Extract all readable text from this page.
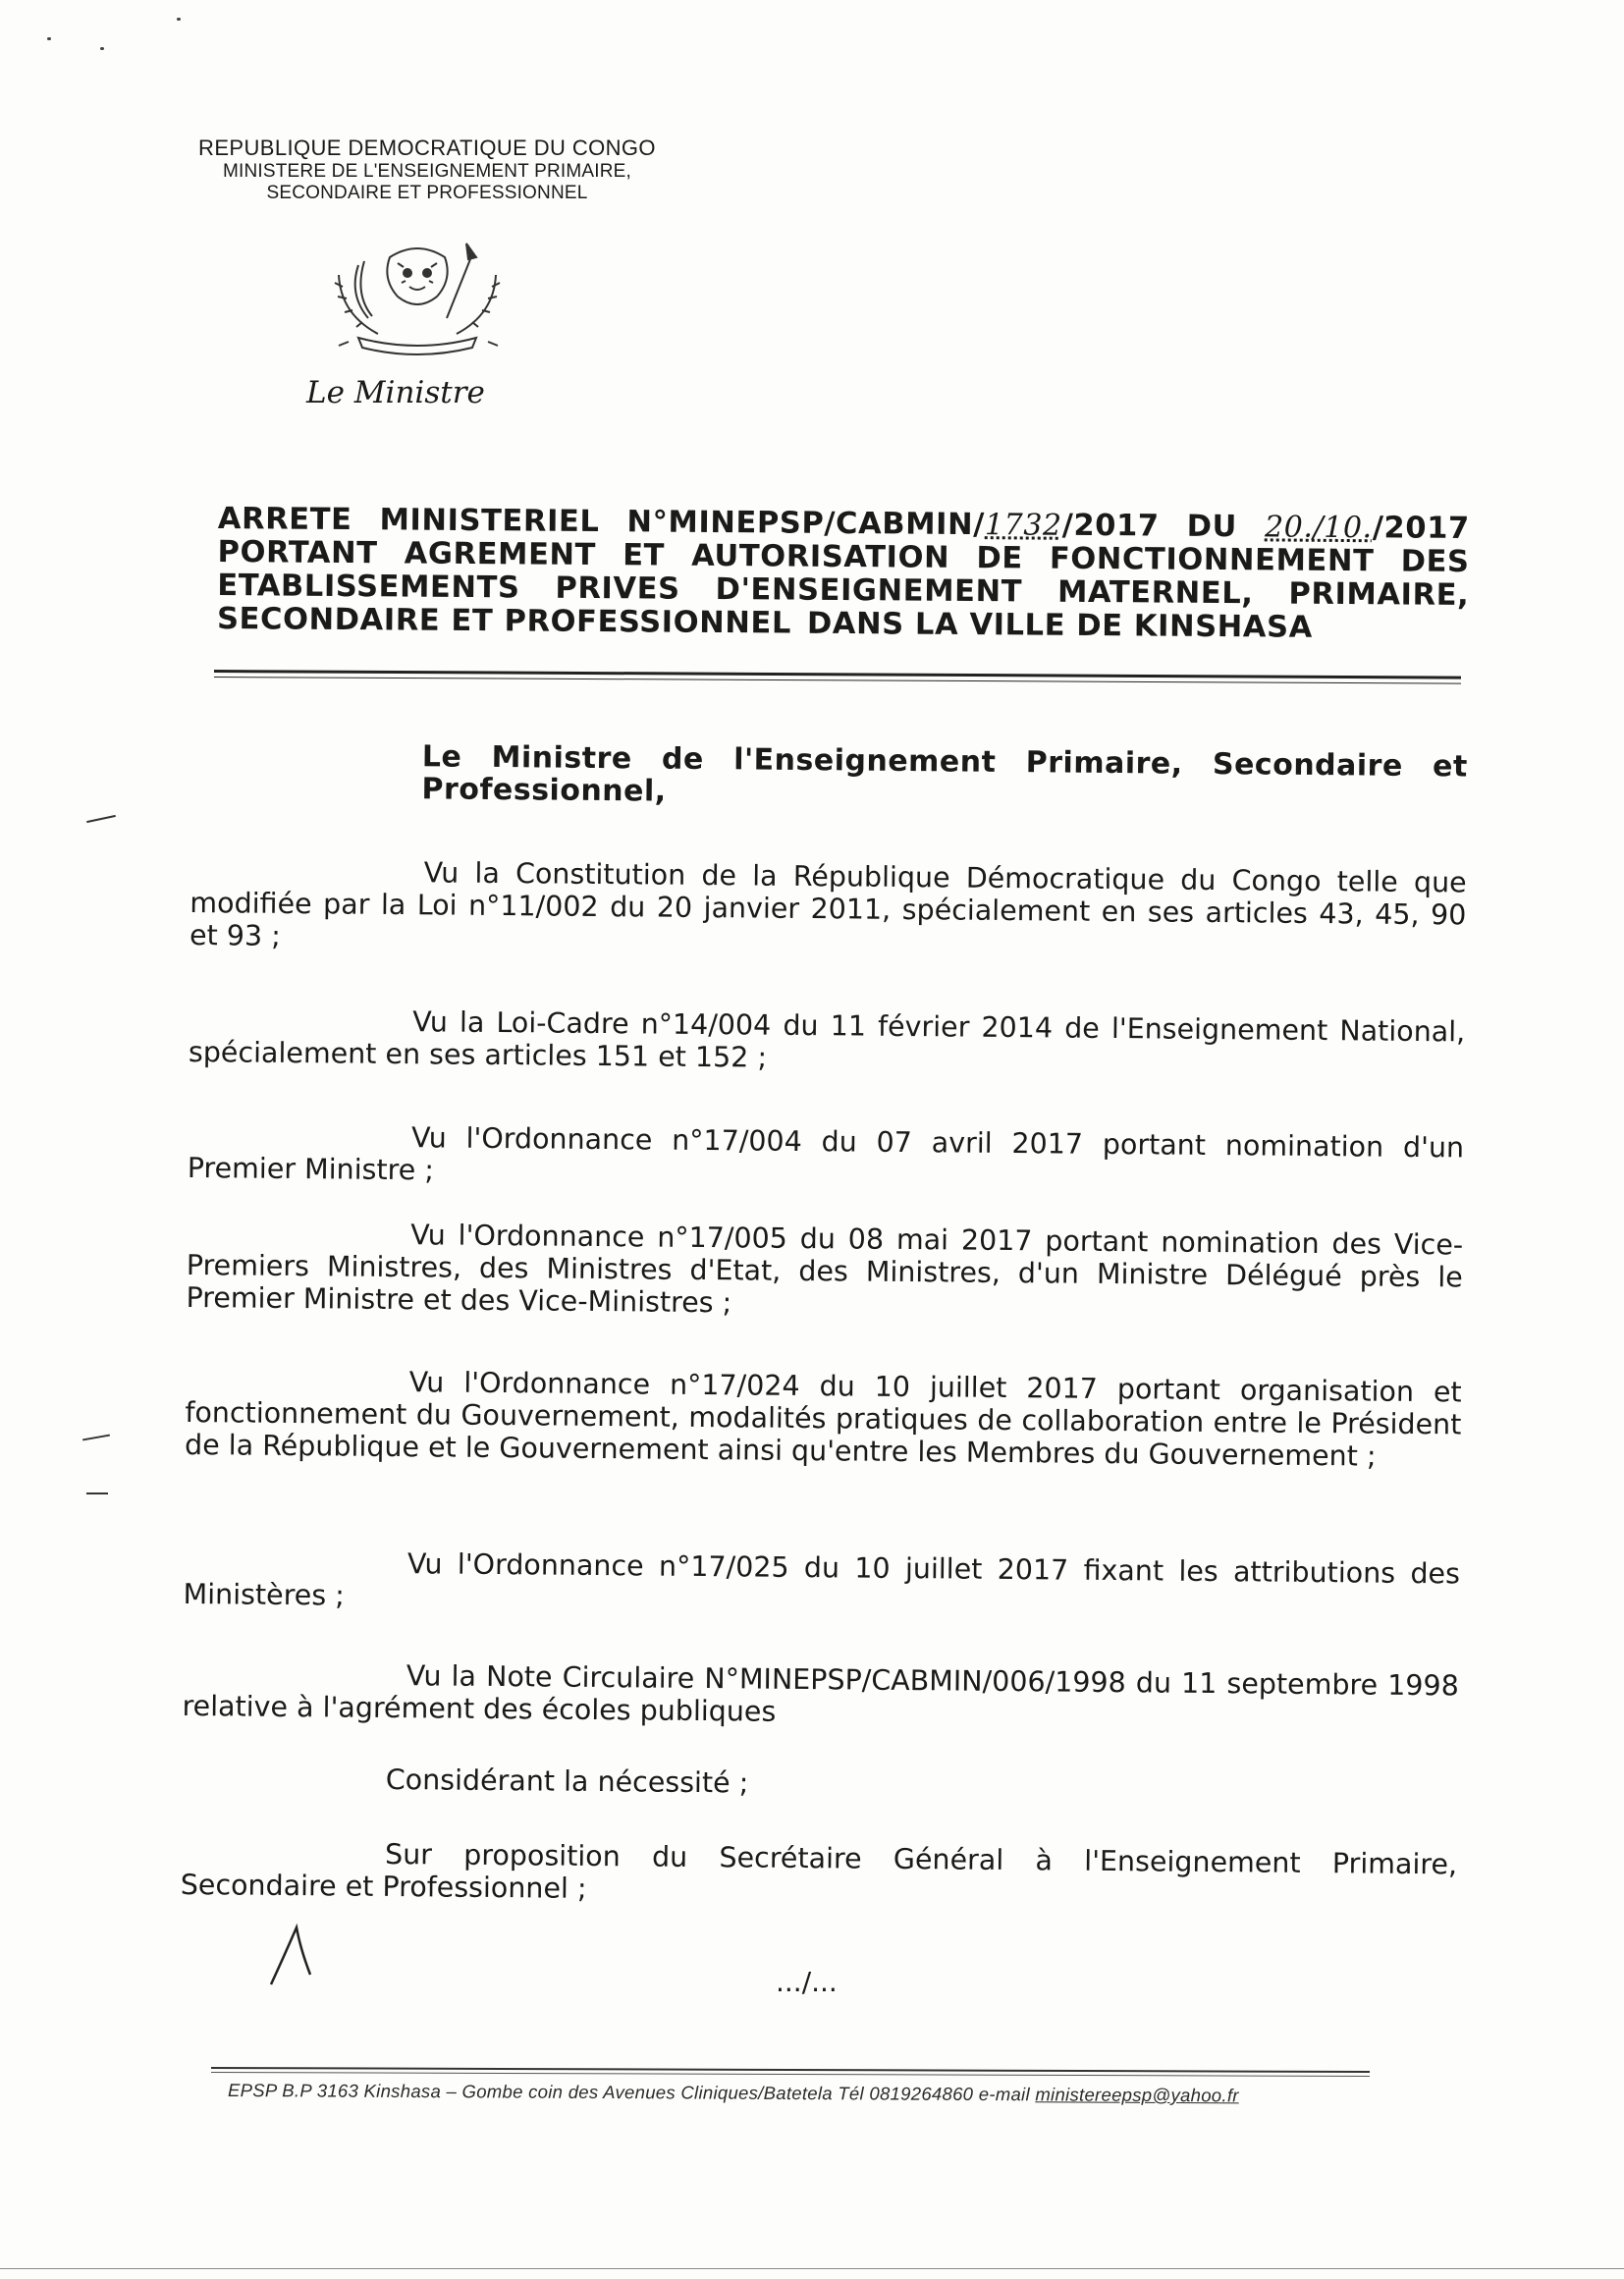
REPUBLIQUE DEMOCRATIQUE DU CONGO
MINISTERE DE L'ENSEIGNEMENT PRIMAIRE,
SECONDAIRE ET PROFESSIONNEL
Le Ministre
ARRETE MINISTERIEL N°MINEPSP/CABMIN/1732/2017 DU 20./10./2017
PORTANT AGREMENT ET AUTORISATION DE FONCTIONNEMENT DES
ETABLISSEMENTS PRIVES D'ENSEIGNEMENT MATERNEL, PRIMAIRE,
SECONDAIRE ET PROFESSIONNEL DANS LA VILLE DE KINSHASA
Le Ministre de l'Enseignement Primaire, Secondaire et Professionnel,
Vu la Constitution de la République Démocratique du Congo telle que modifiée par la Loi n°11/002 du 20 janvier 2011, spécialement en ses articles 43, 45, 90 et 93 ;
Vu la Loi-Cadre n°14/004 du 11 février 2014 de l'Enseignement National, spécialement en ses articles 151 et 152 ;
Vu l'Ordonnance n°17/004 du 07 avril 2017 portant nomination d'un Premier Ministre ;
Vu l'Ordonnance n°17/005 du 08 mai 2017 portant nomination des Vice-Premiers Ministres, des Ministres d'Etat, des Ministres, d'un Ministre Délégué près le Premier Ministre et des Vice-Ministres ;
Vu l'Ordonnance n°17/024 du 10 juillet 2017 portant organisation et fonctionnement du Gouvernement, modalités pratiques de collaboration entre le Président de la République et le Gouvernement ainsi qu'entre les Membres du Gouvernement ;
Vu l'Ordonnance n°17/025 du 10 juillet 2017 fixant les attributions des Ministères ;
Vu la Note Circulaire N°MINEPSP/CABMIN/006/1998 du 11 septembre 1998 relative à l'agrément des écoles publiques
Considérant la nécessité ;
Sur proposition du Secrétaire Général à l'Enseignement Primaire, Secondaire et Professionnel ;
.../...
EPSP B.P 3163 Kinshasa – Gombe coin des Avenues Cliniques/Batetela Tél 0819264860 e-mail ministereepsp@yahoo.fr
